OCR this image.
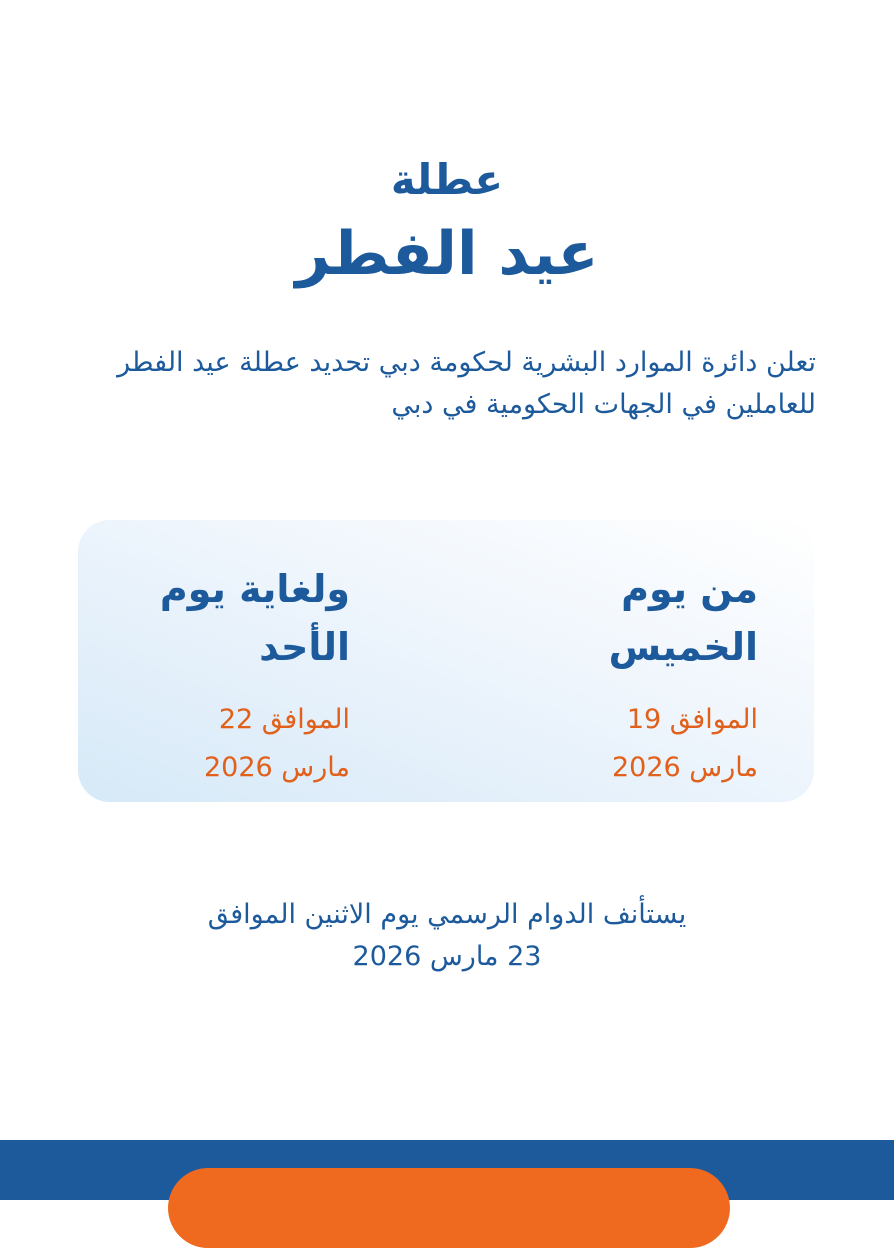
عطلة
عيد الفطر
تعلن دائرة الموارد البشرية لحكومة دبي تحديد عطلة عيد الفطر للعاملين في الجهات الحكومية في دبي
من يوم
الخميس
الموافق 19
مارس 2026
ولغاية يوم
الأحد
الموافق 22
مارس 2026
يستأنف الدوام الرسمي يوم الاثنين الموافق
23 مارس 2026
